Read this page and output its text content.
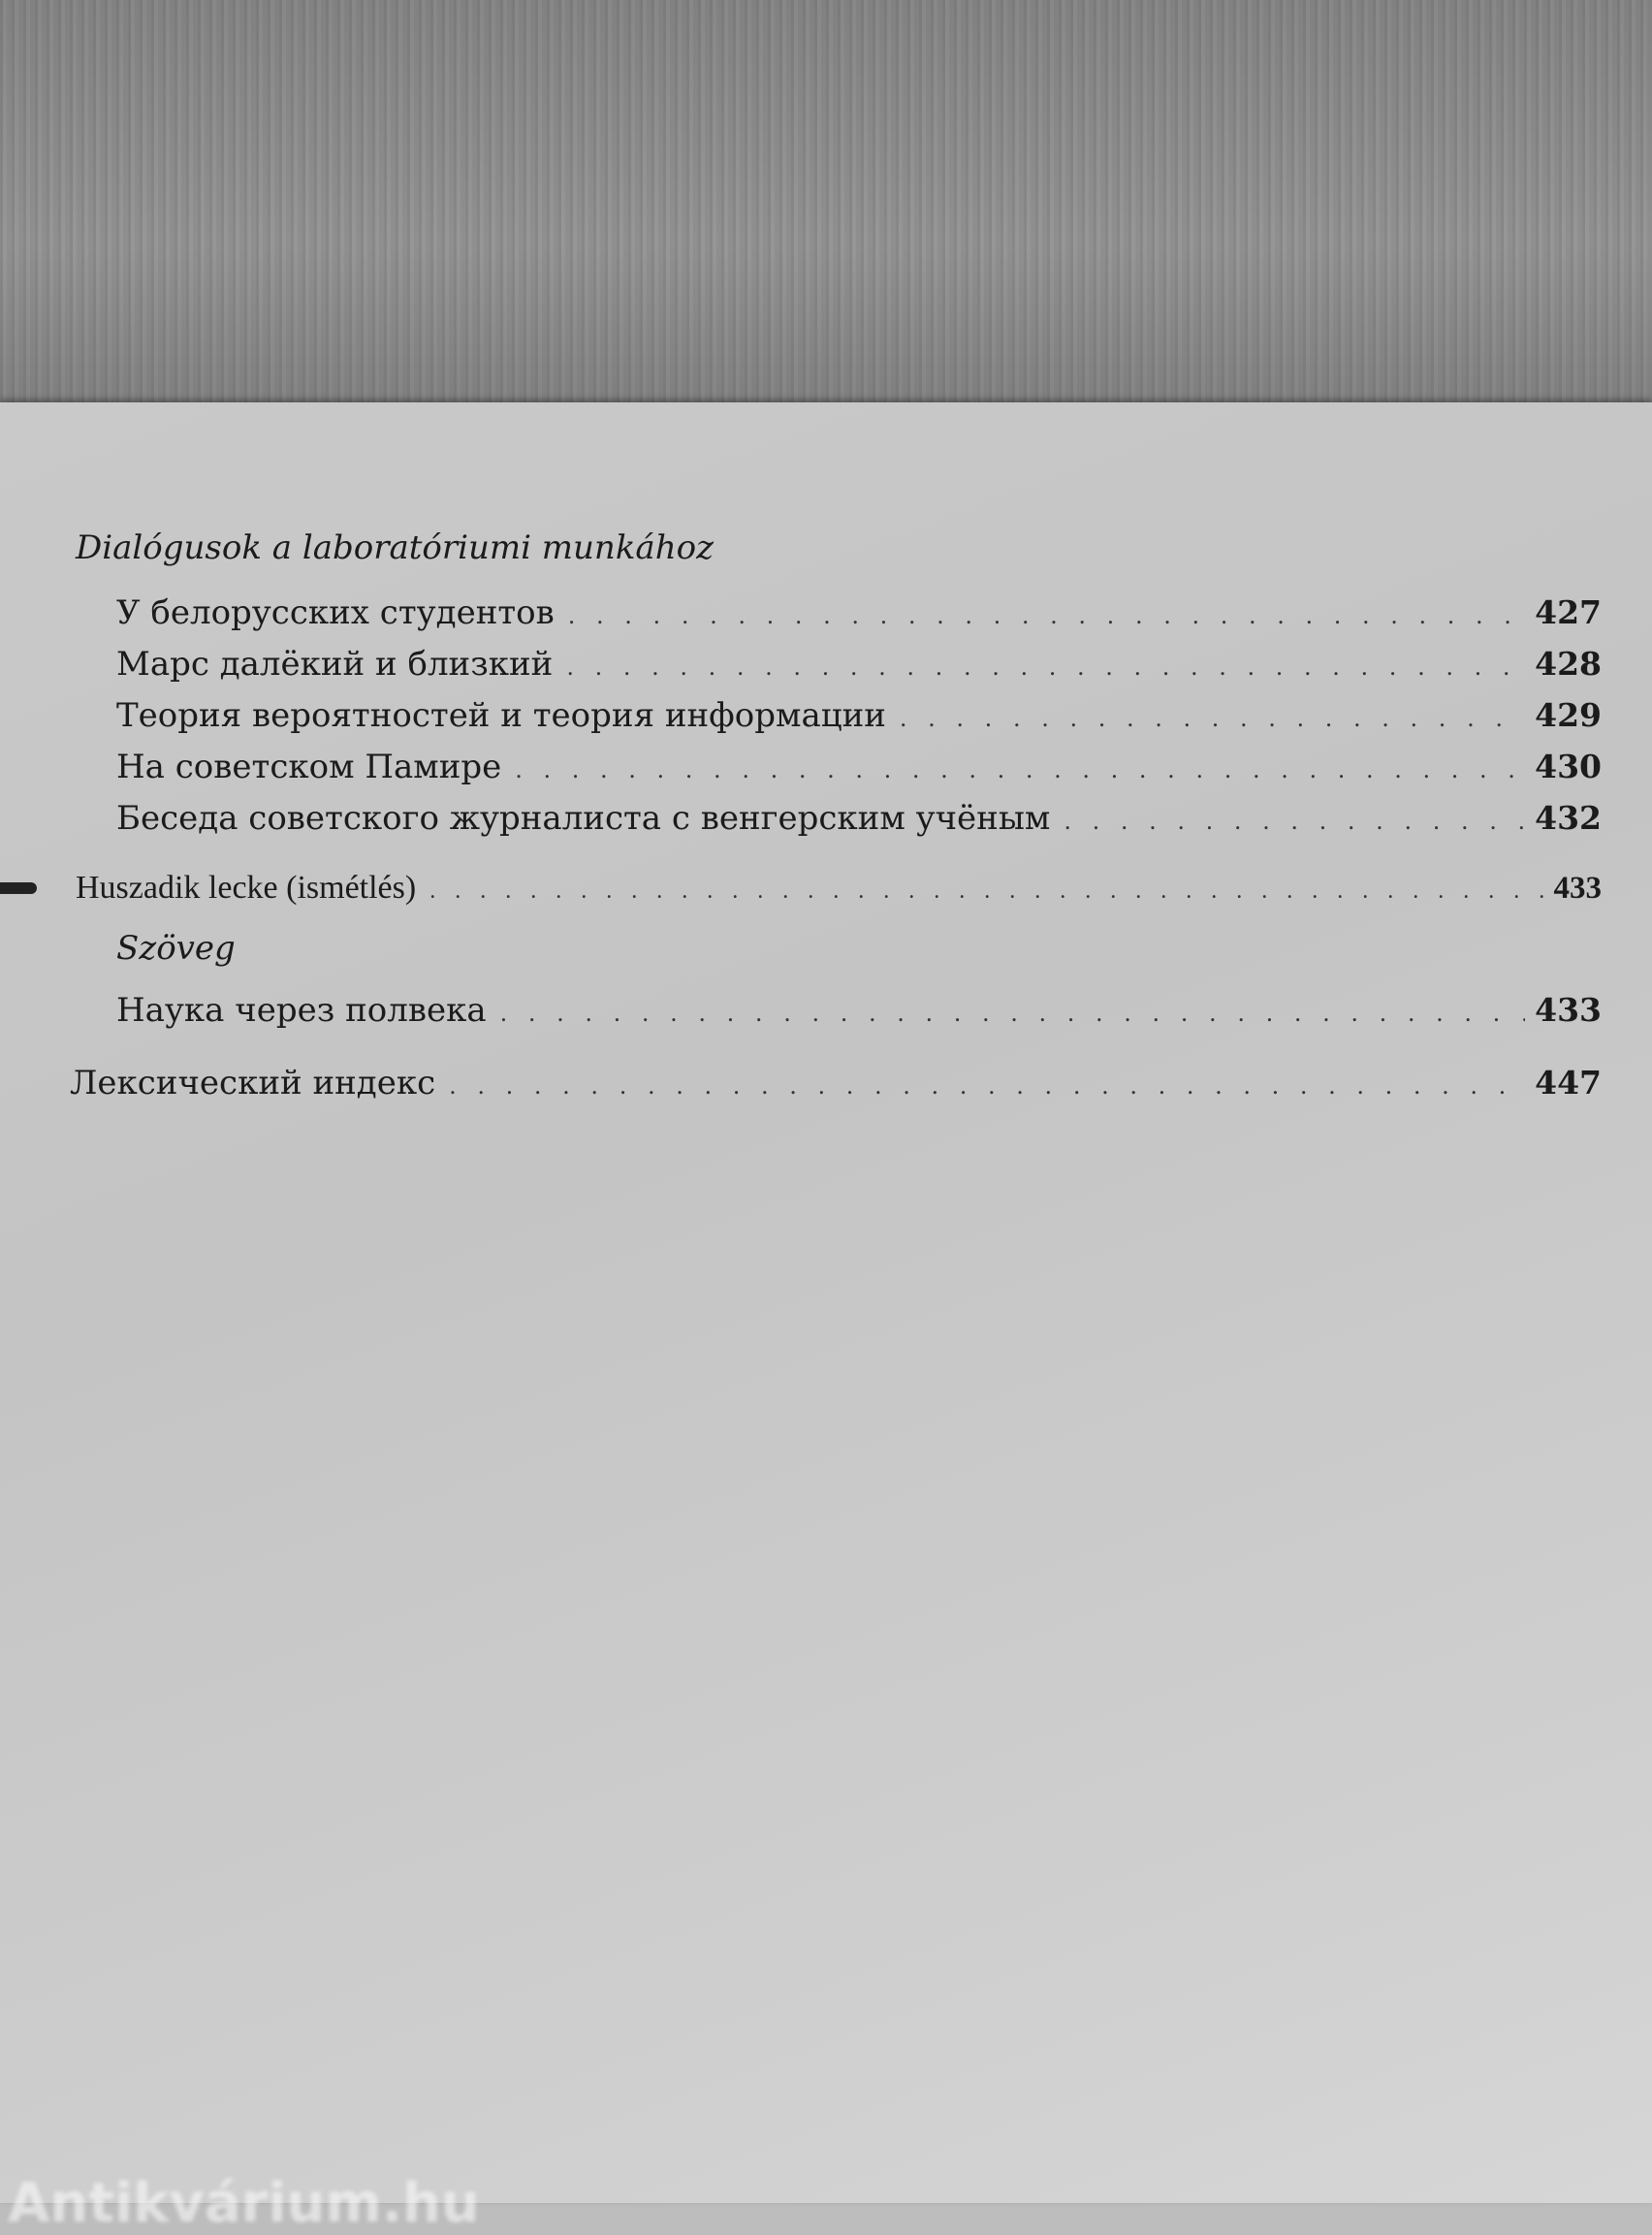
Dialógusok a laboratóriumi munkához
У белорусских студентов . . .	427
Марс далёкий и близкий . . .	428
Теория вероятностей и теория информации . . .	429
На советском Памире . . .	430
Беседа советского журналиста с венгерским учёным . . .	432
Huszadik lecke (ismétlés) . . .	433
Szöveg
Наука через полвека . . .	433
Лексический индекс . . .	447
Antikvárium.hu
